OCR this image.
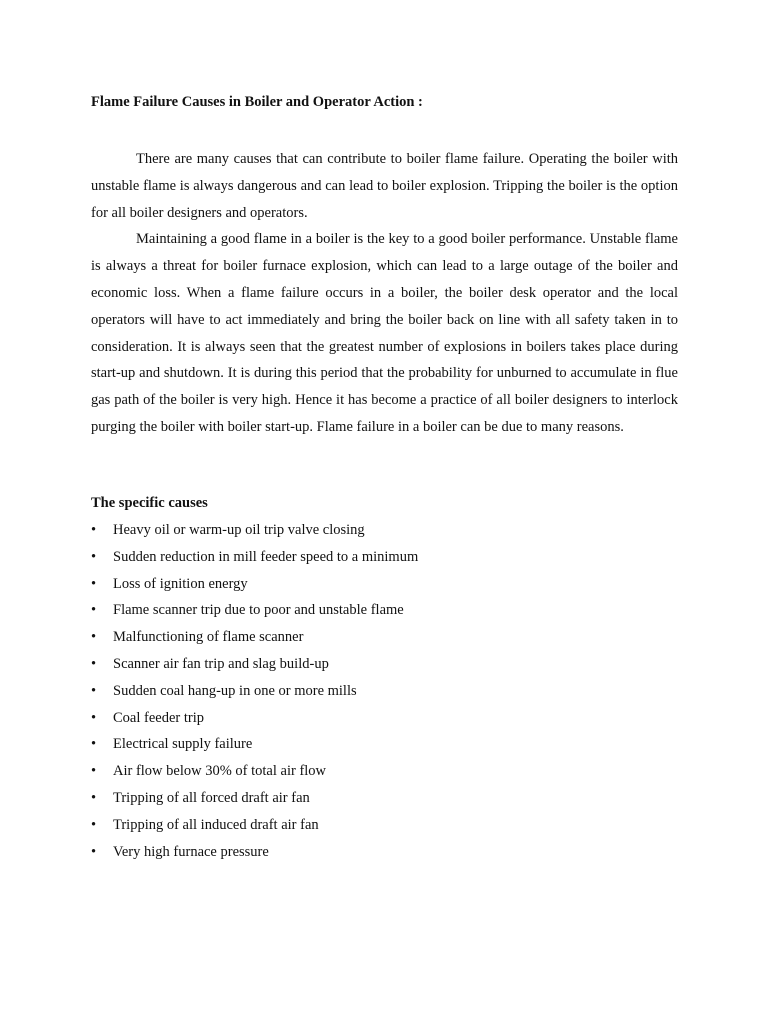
Flame Failure Causes in Boiler and Operator Action :

There are many causes that can contribute to boiler flame failure. Operating the boiler with unstable flame is always dangerous and can lead to boiler explosion. Tripping the boiler is the option for all boiler designers and operators.

Maintaining a good flame in a boiler is the key to a good boiler performance. Unstable flame is always a threat for boiler furnace explosion, which can lead to a large outage of the boiler and economic loss. When a flame failure occurs in a boiler, the boiler desk operator and the local operators will have to act immediately and bring the boiler back on line with all safety taken in to consideration. It is always seen that the greatest number of explosions in boilers takes place during start-up and shutdown. It is during this period that the probability for unburned to accumulate in flue gas path of the boiler is very high. Hence it has become a practice of all boiler designers to interlock purging the boiler with boiler start-up. Flame failure in a boiler can be due to many reasons.

The specific causes
•	Heavy oil or warm-up oil trip valve closing
•	Sudden reduction in mill feeder speed to a minimum
•	Loss of ignition energy
•	Flame scanner trip due to poor and unstable flame
•	Malfunctioning of flame scanner
•	Scanner air fan trip and slag build-up
•	Sudden coal hang-up in one or more mills
•	Coal feeder trip
•	Electrical supply failure
•	Air flow below 30% of total air flow
•	Tripping of all forced draft air fan
•	Tripping of all induced draft air fan
•	Very high furnace pressure
